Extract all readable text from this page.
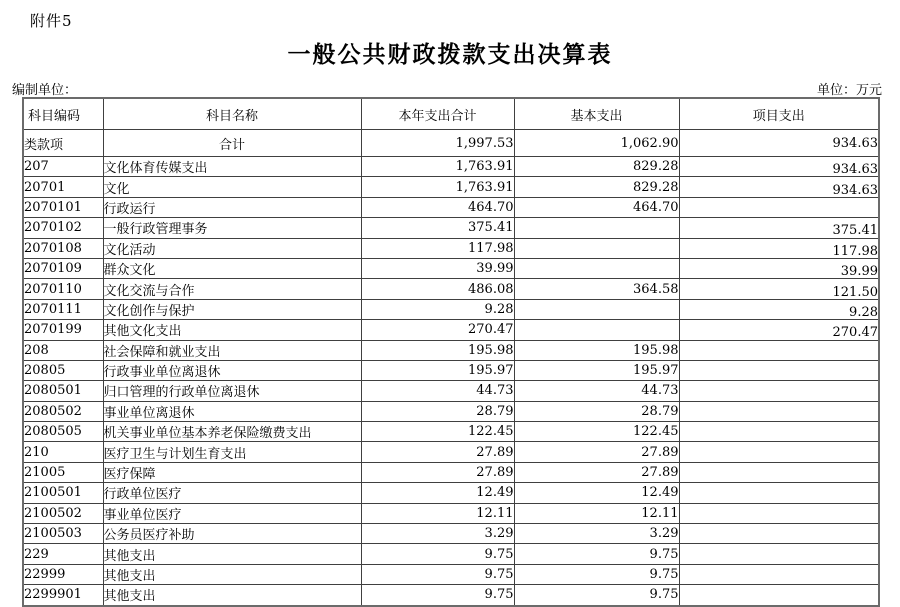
附件5
一般公共财政拨款支出决算表
编制单位：	单位：万元
科目编码	科目名称	本年支出合计	基本支出	项目支出
类款项	合计	1,997.53	1,062.90	934.63
207	文化体育传媒支出	1,763.91	829.28	934.63
20701	文化	1,763.91	829.28	934.63
2070101	行政运行	464.70	464.70	
2070102	一般行政管理事务	375.41		375.41
2070108	文化活动	117.98		117.98
2070109	群众文化	39.99		39.99
2070110	文化交流与合作	486.08	364.58	121.50
2070111	文化创作与保护	9.28		9.28
2070199	其他文化支出	270.47		270.47
208	社会保障和就业支出	195.98	195.98	
20805	行政事业单位离退休	195.97	195.97	
2080501	归口管理的行政单位离退休	44.73	44.73	
2080502	事业单位离退休	28.79	28.79	
2080505	机关事业单位基本养老保险缴费支出	122.45	122.45	
210	医疗卫生与计划生育支出	27.89	27.89	
21005	医疗保障	27.89	27.89	
2100501	行政单位医疗	12.49	12.49	
2100502	事业单位医疗	12.11	12.11	
2100503	公务员医疗补助	3.29	3.29	
229	其他支出	9.75	9.75	
22999	其他支出	9.75	9.75	
2299901	其他支出	9.75	9.75	
